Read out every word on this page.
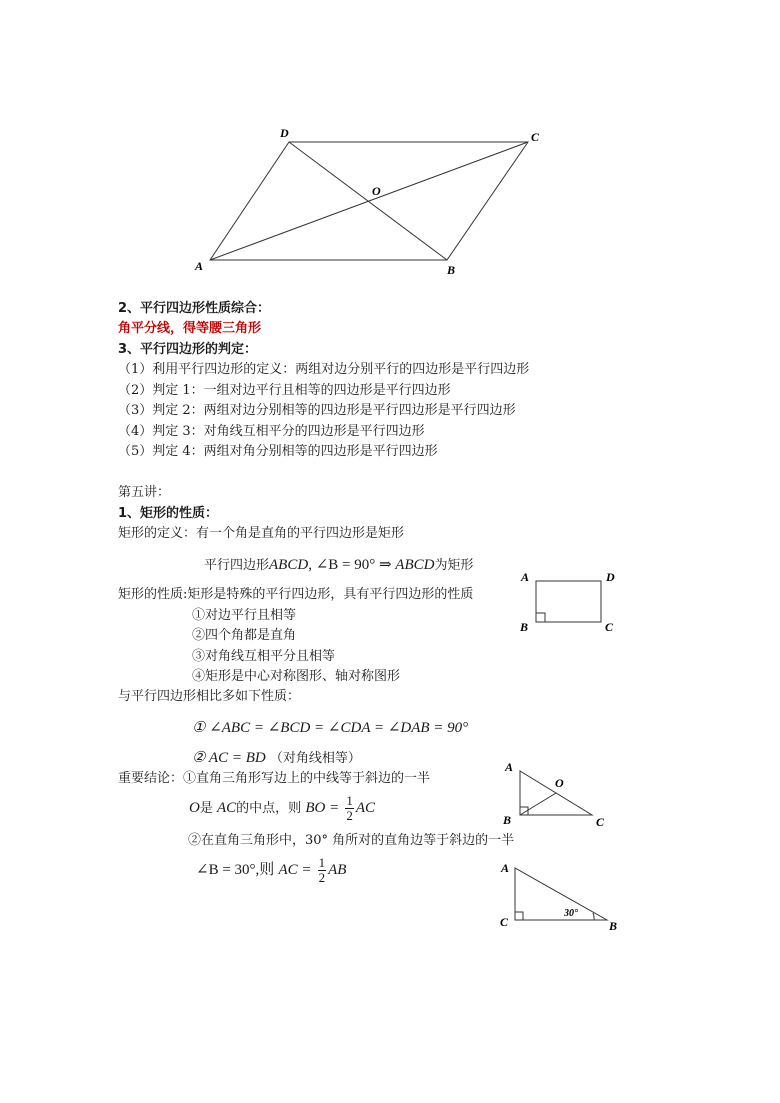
A	B
C
D
O
2、平行四边形性质综合：
角平分线，得等腰三角形
3、平行四边形的判定：
（1）利用平行四边形的定义：两组对边分别平行的四边形是平行四边形
（2）判定 1：一组对边平行且相等的四边形是平行四边形
（3）判定 2：两组对边分别相等的四边形是平行四边形是平行四边形
（4）判定 3：对角线互相平分的四边形是平行四边形
（5）判定 4：两组对角分别相等的四边形是平行四边形
第五讲：
1、矩形的性质：
矩形的定义：有一个角是直角的平行四边形是矩形
平行四边形ABCD, ∠B = 90° ⇒ ABCD为矩形
矩形的性质:矩形是特殊的平行四边形，具有平行四边形的性质
①对边平行且相等
②四个角都是直角
③对角线互相平分且相等
④矩形是中心对称图形、轴对称图形
与平行四边形相比多如下性质：
① ∠ABC = ∠BCD = ∠CDA = ∠DAB = 90°
② AC = BD （对角线相等）
重要结论：①直角三角形写边上的中线等于斜边的一半
O是 AC的中点，则 BO = $\frac{1}{2}$ AC
②在直角三角形中，30° 角所对的直角边等于斜边的一半
∠B = 30°,则 AC = $\frac{1}{2}$ AB
A	D
B	C
A
O
B	C
A
30°
C	B
